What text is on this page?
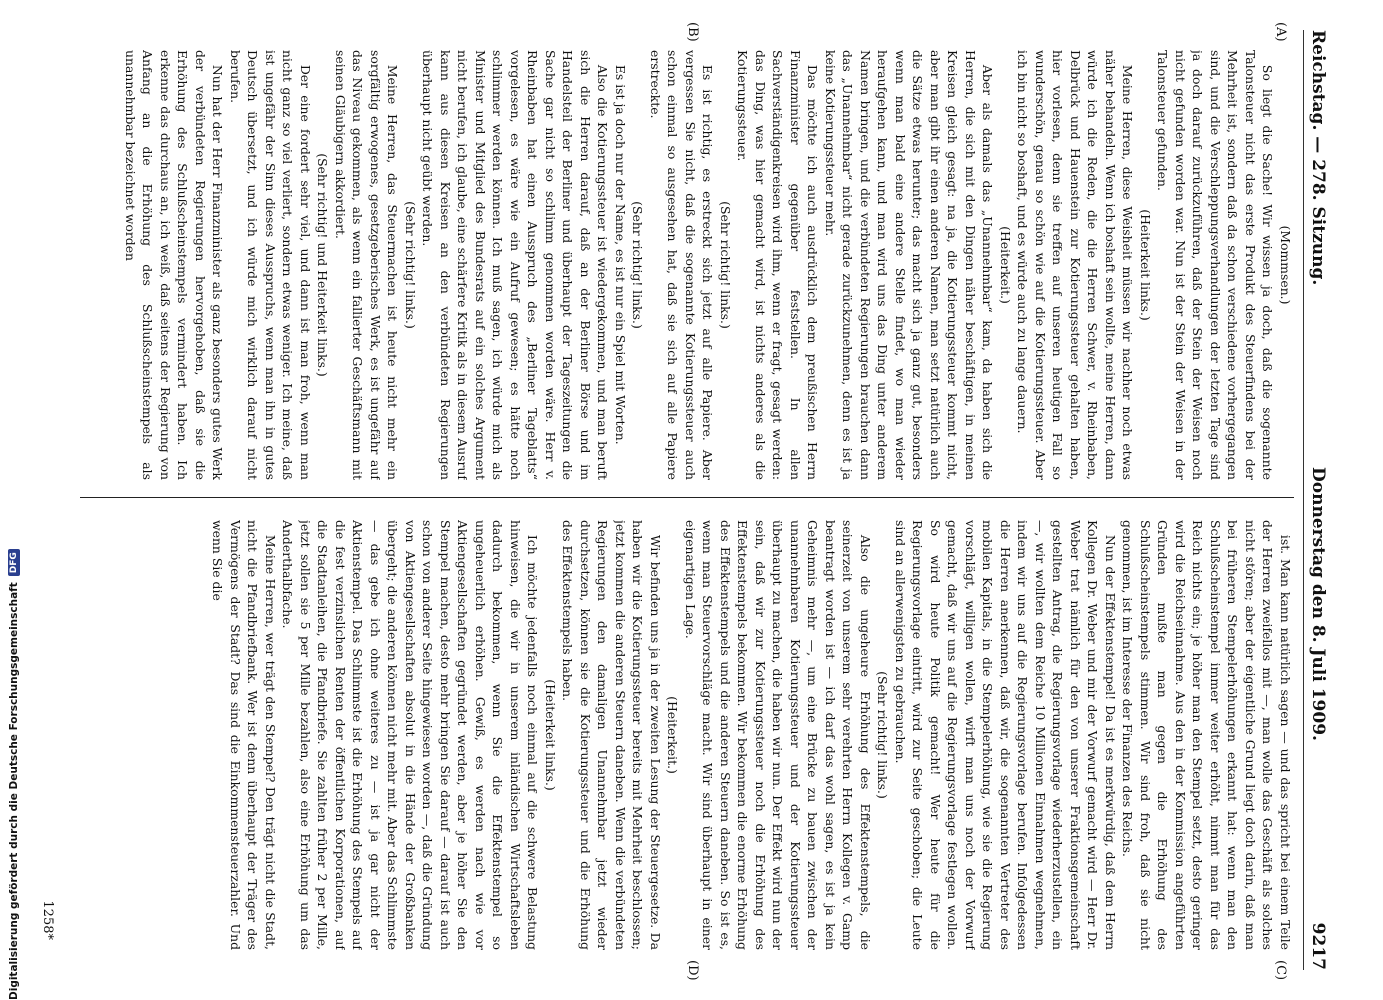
Reichstag. — 278. Sitzung.
Donnerstag den 8. Juli 1909.
9217
(A)
(B)
(C)
(D)

(Mommsen.)

So liegt die Sache! Wir wissen ja doch, daß die sogenannte Talonsteuer nicht das erste Produkt des Steuerfindens bei der Mehrheit ist, sondern daß da schon verschiedene vorhergegangen sind, und die Verschleppungsverhandlungen der letzten Tage sind ja doch darauf zurückzuführen, daß der Stein der Weisen noch nicht gefunden worden war. Nun ist der Stein der Weisen in der Talonsteuer gefunden.

(Heiterkeit links.)

Meine Herren, diese Weisheit müssen wir nachher noch etwas näher behandeln. Wenn ich boshaft sein wollte, meine Herren, dann würde ich die Reden, die die Herren Schwer, v. Rheinbaben, Delbrück und Hauenstein zur Kotierungssteuer gehalten haben, hier vorlesen, denn sie treffen auf unseren heutigen Fall so wunderschön, genau so schön wie auf die Kotierungssteuer. Aber ich bin nicht so boshaft, und es würde auch zu lange dauern.

(Heiterkeit.)

Aber als damals das „Unannehmbar“ kam, da haben sich die Herren, die sich mit den Dingen näher beschäftigen, in meinen Kreisen gleich gesagt: na ja, die Kotierungssteuer kommt nicht, aber man gibt ihr einen anderen Namen, man setzt natürlich auch die Sätze etwas herunter; das macht sich ja ganz gut, besonders wenn man bald eine andere Stelle findet, wo man wieder heraufgehen kann, und man wird uns das Ding unter anderem Namen bringen, und die verbündeten Regierungen brauchen dann das „Unannehmbar“ nicht gerade zurückzunehmen, denn es ist ja keine Kotierungssteuer mehr.

Das möchte ich auch ausdrücklich dem preußischen Herrn Finanzminister gegenüber feststellen. In allen Sachverständigenkreisen wird ihm, wenn er fragt, gesagt werden: das Ding, was hier gemacht wird, ist nichts anderes als die Kotierungssteuer.

(Sehr richtig! links.)

Es ist richtig, es erstreckt sich jetzt auf alle Papiere. Aber vergessen Sie nicht, daß die sogenannte Kotierungssteuer auch schon einmal so ausgesehen hat, daß sie sich auf alle Papiere erstreckte.

(Sehr richtig! links.)

Es ist ja doch nur der Name, es ist nur ein Spiel mit Worten.

Also die Kotierungssteuer ist wiedergekommen, und man beruft sich die Herren darauf, daß an der Berliner Börse und im Handelsteil der Berliner und überhaupt der Tageszeitungen die Sache gar nicht so schlimm genommen worden wäre. Herr v. Rheinbaben hat einen Ausspruch des „Berliner Tageblatts“ vorgelesen, es wäre wie ein Aufruf gewesen; es hätte noch schlimmer werden können. Ich muß sagen, ich würde mich als Minister und Mitglied des Bundesrats auf ein solches Argument nicht berufen, ich glaube, eine schärfere Kritik als in diesem Ausruf kann aus diesen Kreisen an den verbündeten Regierungen überhaupt nicht geübt werden.

(Sehr richtig! links.)

Meine Herren, das Steuermachen ist heute nicht mehr ein sorgfältig erwogenes, gesetzgeberisches Werk, es ist ungefähr auf das Niveau gekommen, als wenn ein fallierter Geschäftsmann mit seinen Gläubigern akkordiert.

(Sehr richtig! und Heiterkeit links.)

Der eine fordert sehr viel, und dann ist man froh, wenn man nicht ganz so viel verliert, sondern etwas weniger. Ich meine, daß ist ungefähr der Sinn dieses Ausspruchs, wenn man ihn in gutes Deutsch übersetzt, und ich würde mich wirklich darauf nicht berufen.

Nun hat der Herr Finanzminister als ganz besonders gutes Werk der verbündeten Regierungen hervorgehoben, daß sie die Erhöhung des Schlußscheinstempels vermindert haben. Ich erkenne das durchaus an, ich weiß, daß seitens der Regierung von Anfang an die Erhöhung des Schlußscheinstempels als unannehmbar bezeichnet worden

ist. Man kann natürlich sagen — und das spricht bei einem Teile der Herren zweifellos mit —, man wolle das Geschäft als solches nicht stören; aber der eigentliche Grund liegt doch darin, daß man bei früheren Stempelerhöhungen erkannt hat: wenn man den Schlußscheinstempel immer weiter erhöht, nimmt man für das Reich nichts ein; je höher man den Stempel setzt, desto geringer wird die Reichseinnahme. Aus den in der Kommission angeführten Gründen mußte man gegen die Erhöhung des Schlußscheinstempels stimmen. Wir sind froh, daß sie nicht genommen, ist im Interesse der Finanzen des Reichs.

Nun der Effektenstempel! Da ist es merkwürdig, daß dem Herrn Kollegen Dr. Weber und mir der Vorwurf gemacht wird — Herr Dr. Weber trat nämlich für den von unserer Fraktionsgemeinschaft gestellten Antrag, die Regierungsvorlage wiederherzustellen, ein —, wir wollten dem Reiche 10 Millionen Einnahmen wegnehmen, indem wir uns auf die Regierungsvorlage berufen. Infolgedessen die Herren anerkennen, daß wir, die sogenannten Vertreter des mobilen Kapitals, in die Stempelerhöhung, wie sie die Regierung vorschlägt, willigen wollen, wirft man uns noch der Vorwurf gemacht, daß wir uns auf die Regierungsvorlage festlegen wollen. So wird heute Politik gemacht! Wer heute für die Regierungsvorlage eintritt, wird zur Seite geschoben; die Leute sind an allerwenigsten zu gebrauchen.

(Sehr richtig! links.)

Also die ungeheure Erhöhung des Effektenstempels, die seinerzeit von unserem sehr verehrten Herrn Kollegen v. Gamp beantragt worden ist — ich darf das wohl sagen, es ist ja kein Geheimnis mehr —, um eine Brücke zu bauen zwischen der unannehmbaren Kotierungssteuer und der Kotierungssteuer überhaupt zu machen, die haben wir nun. Der Effekt wird nun der sein, daß wir zur Kotierungssteuer noch die Erhöhung des Effektenstempels bekommen. Wir bekommen die enorme Erhöhung des Effektenstempels und die anderen Steuern daneben. So ist es, wenn man Steuervorschläge macht. Wir sind überhaupt in einer eigenartigen Lage.

(Heiterkeit.)

Wir befinden uns ja in der zweiten Lesung der Steuergesetze. Da haben wir die Kotierungssteuer bereits mit Mehrheit beschlossen; jetzt kommen die anderen Steuern daneben. Wenn die verbündeten Regierungen den damaligen Unannehmbar jetzt wieder durchsetzen, können sie die Kotierungssteuer und die Erhöhung des Effektenstempels haben.

(Heiterkeit links.)

Ich möchte jedenfalls noch einmal auf die schwere Belastung hinweisen, die wir in unserem inländischen Wirtschaftsleben dadurch bekommen, wenn Sie die Effektenstempel so ungeheuerlich erhöhen. Gewiß, es werden nach wie vor Aktiengesellschaften gegründet werden, aber je höher Sie den Stempel machen, desto mehr bringen Sie darauf — darauf ist auch schon von anderer Seite hingewiesen worden —, daß die Gründung von Aktiengesellschaften absolut in die Hände der Großbanken übergeht; die anderen können nicht mehr mit. Aber das Schlimmste — das gebe ich ohne weiteres zu — ist ja gar nicht der Aktienstempel. Das Schlimmste ist die Erhöhung des Stempels auf die fest verzinslichen Renten der öffentlichen Korporationen, auf die Stadtanleihen, die Pfandbriefe. Sie zahlten früher 2 per Mille, jetzt sollen sie 5 per Mille bezahlen, also eine Erhöhung um das Anderthalbfache.

Meine Herren, wer trägt den Stempel? Den trägt nicht die Stadt, nicht die Pfandbriefbank. Wer ist denn überhaupt der Träger des Vermögens der Stadt? Das sind die Einkommensteuerzahler. Und wenn Sie die

1258*
Digitalisierung gefördert durch die Deutsche Forschungsgemeinschaft
DFG
